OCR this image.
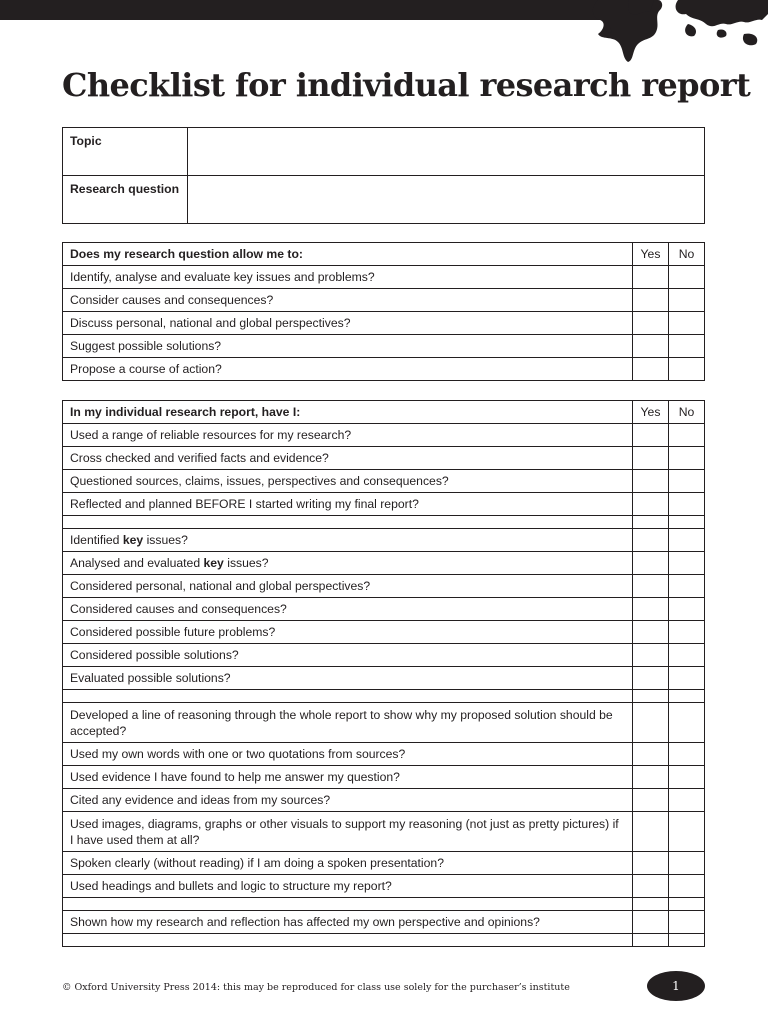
Checklist for individual research report
Topic	
Research question	
Does my research question allow me to:	Yes	No
Identify, analyse and evaluate key issues and problems?		
Consider causes and consequences?		
Discuss personal, national and global perspectives?		
Suggest possible solutions?		
Propose a course of action?		
In my individual research report, have I:	Yes	No
Used a range of reliable resources for my research?		
Cross checked and verified facts and evidence?		
Questioned sources, claims, issues, perspectives and consequences?		
Reflected and planned BEFORE I started writing my final report?		

Identified key issues?		
Analysed and evaluated key issues?		
Considered personal, national and global perspectives?		
Considered causes and consequences?		
Considered possible future problems?		
Considered possible solutions?		
Evaluated possible solutions?		

Developed a line of reasoning through the whole report to show why my proposed solution should be accepted?		
Used my own words with one or two quotations from sources?		
Used evidence I have found to help me answer my question?		
Cited any evidence and ideas from my sources?		
Used images, diagrams, graphs or other visuals to support my reasoning (not just as pretty pictures) if I have used them at all?		
Spoken clearly (without reading) if I am doing a spoken presentation?		
Used headings and bullets and logic to structure my report?		

Shown how my research and reflection has affected my own perspective and opinions?		

© Oxford University Press 2014: this may be reproduced for class use solely for the purchaser’s institute	1
